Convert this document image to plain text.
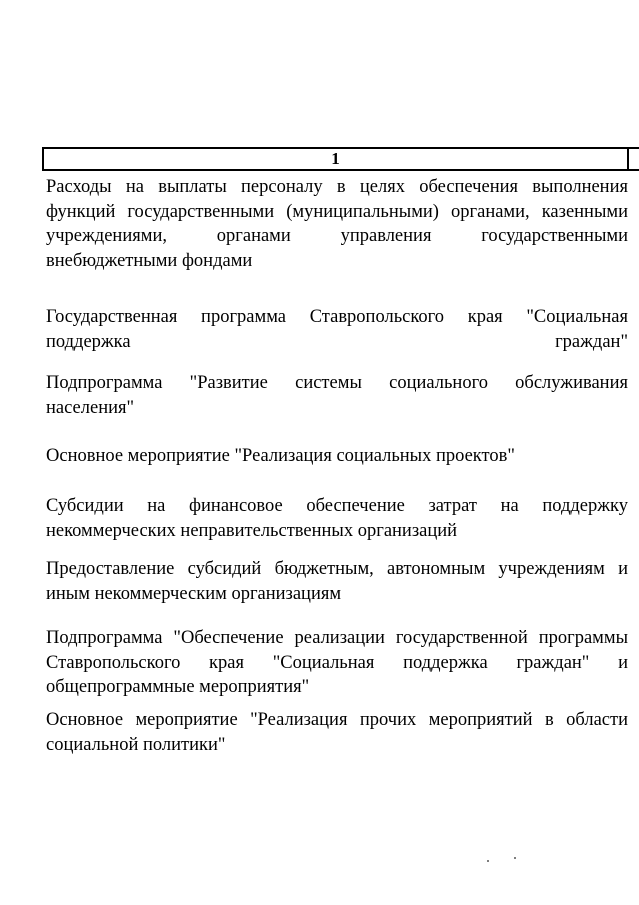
1
Расходы на выплаты персоналу в целях обеспечения выполнения функций государственными (муниципальными) органами, казенными учреждениями, органами управления государственными внебюджетными фондами
Государственная программа Ставропольского края "Социальная поддержка граждан"
Подпрограмма "Развитие системы социального обслуживания населения"
Основное мероприятие "Реализация социальных проектов"
Субсидии на финансовое обеспечение затрат на поддержку некоммерческих неправительственных организаций
Предоставление субсидий бюджетным, автономным учреждениям и иным некоммерческим организациям
Подпрограмма "Обеспечение реализации государственной программы Ставропольского края "Социальная поддержка граждан" и общепрограммные мероприятия"
Основное мероприятие "Реализация прочих мероприятий в области социальной политики"
